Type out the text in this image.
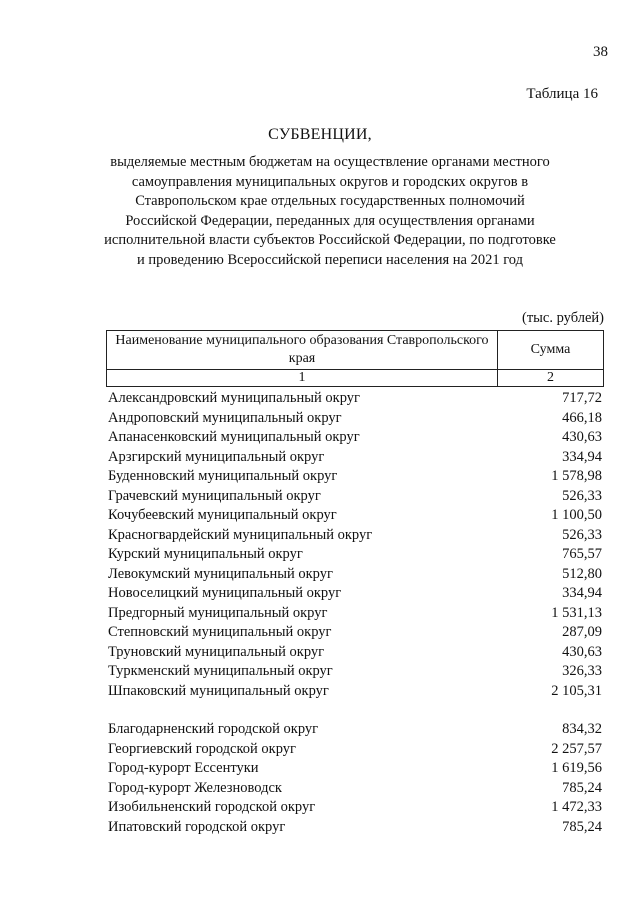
38
Таблица 16
СУБВЕНЦИИ,
выделяемые местным бюджетам на осуществление органами местного самоуправления муниципальных округов и городских округов в Ставропольском крае отдельных государственных полномочий Российской Федерации, переданных для осуществления органами исполнительной власти субъектов Российской Федерации, по подготовке и проведению Всероссийской переписи населения на 2021 год
(тыс. рублей)
Наименование муниципального образования Ставропольского края	Сумма
1	2
Александровский муниципальный округ	717,72
Андроповский муниципальный округ	466,18
Апанасенковский муниципальный округ	430,63
Арзгирский муниципальный округ	334,94
Буденновский муниципальный округ	1 578,98
Грачевский муниципальный округ	526,33
Кочубеевский муниципальный округ	1 100,50
Красногвардейский муниципальный округ	526,33
Курский муниципальный округ	765,57
Левокумский муниципальный округ	512,80
Новоселицкий муниципальный округ	334,94
Предгорный муниципальный округ	1 531,13
Степновский муниципальный округ	287,09
Труновский муниципальный округ	430,63
Туркменский муниципальный округ	326,33
Шпаковский муниципальный округ	2 105,31
Благодарненский городской округ	834,32
Георгиевский городской округ	2 257,57
Город-курорт Ессентуки	1 619,56
Город-курорт Железноводск	785,24
Изобильненский городской округ	1 472,33
Ипатовский городской округ	785,24
